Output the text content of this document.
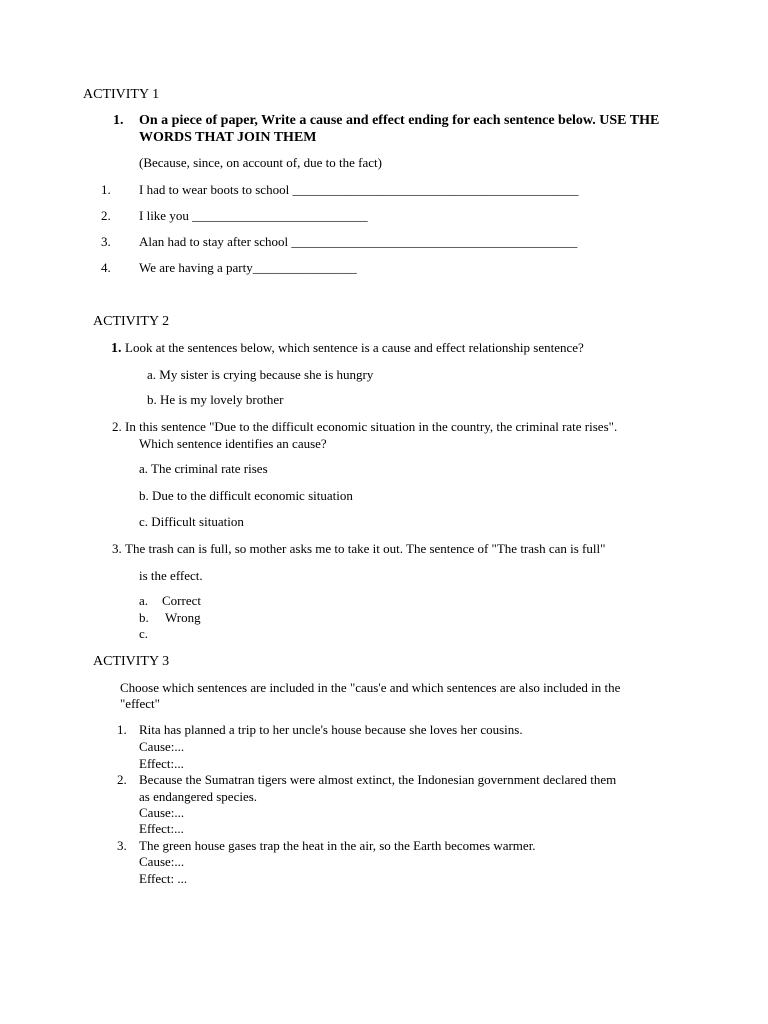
ACTIVITY 1
1. On a piece of paper, Write a cause and effect ending for each sentence below. USE THE
WORDS THAT JOIN THEM
(Because, since, on account of, due to the fact)
1. I had to wear boots to school ____________________________________________
2. I like you ___________________________
3. Alan had to stay after school ____________________________________________
4. We are having a party________________
ACTIVITY 2
1. Look at the sentences below, which sentence is a cause and effect relationship sentence?
a. My sister is crying because she is hungry
b. He is my lovely brother
2. In this sentence "Due to the difficult economic situation in the country, the criminal rate rises".
Which sentence identifies an cause?
a. The criminal rate rises
b. Due to the difficult economic situation
c. Difficult situation
3. The trash can is full, so mother asks me to take it out. The sentence of "The trash can is full"
is the effect.
a. Correct
b. Wrong
c.
ACTIVITY 3
Choose which sentences are included in the "caus'e and which sentences are also included in the
"effect"
1. Rita has planned a trip to her uncle's house because she loves her cousins.
Cause:...
Effect:...
2. Because the Sumatran tigers were almost extinct, the Indonesian government declared them
as endangered species.
Cause:...
Effect:...
3. The green house gases trap the heat in the air, so the Earth becomes warmer.
Cause:...
Effect: ...
